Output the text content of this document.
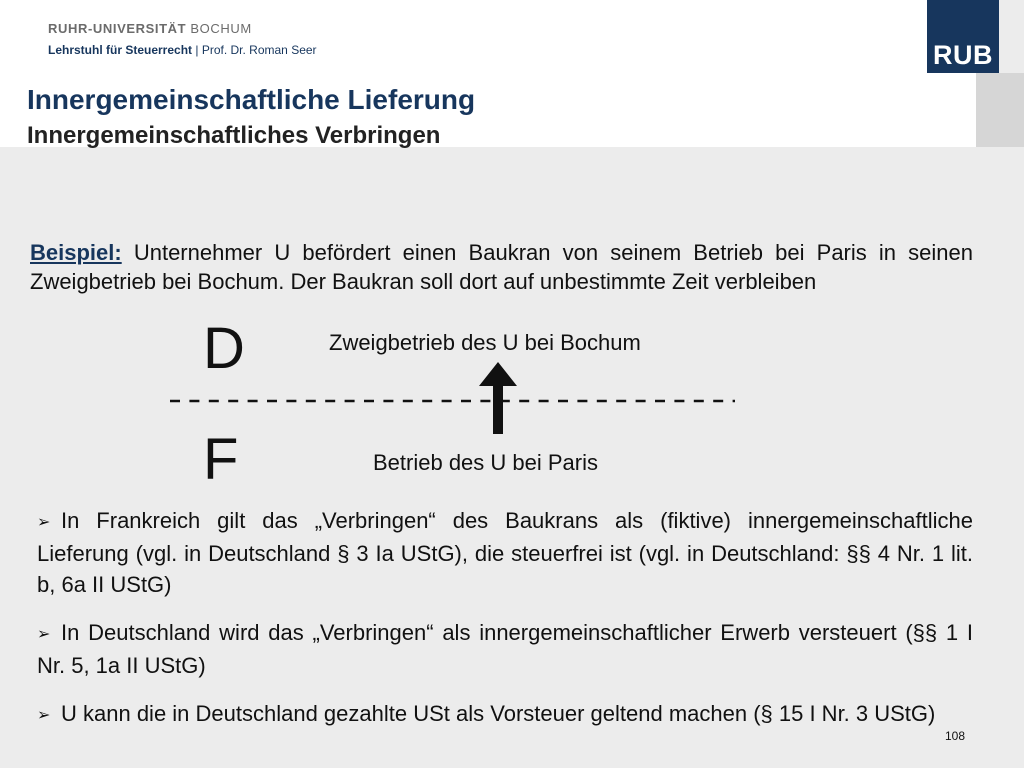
RUHR-UNIVERSITÄT BOCHUM
Lehrstuhl für Steuerrecht | Prof. Dr. Roman Seer	RUB
Innergemeinschaftliche Lieferung
Innergemeinschaftliches Verbringen

Beispiel: Unternehmer U befördert einen Baukran von seinem Betrieb bei Paris in seinen Zweigbetrieb bei Bochum. Der Baukran soll dort auf unbestimmte Zeit verbleiben

D	Zweigbetrieb des U bei Bochum
F	Betrieb des U bei Paris
➢ In Frankreich gilt das „Verbringen“ des Baukrans als (fiktive) innergemeinschaftliche Lieferung (vgl. in Deutschland § 3 Ia UStG), die steuerfrei ist (vgl. in Deutschland: §§ 4 Nr. 1 lit. b, 6a II UStG)
➢ In Deutschland wird das „Verbringen“ als innergemeinschaftlicher Erwerb versteuert (§§ 1 I Nr. 5, 1a II UStG)
➢ U kann die in Deutschland gezahlte USt als Vorsteuer geltend machen (§ 15 I Nr. 3 UStG)
108
